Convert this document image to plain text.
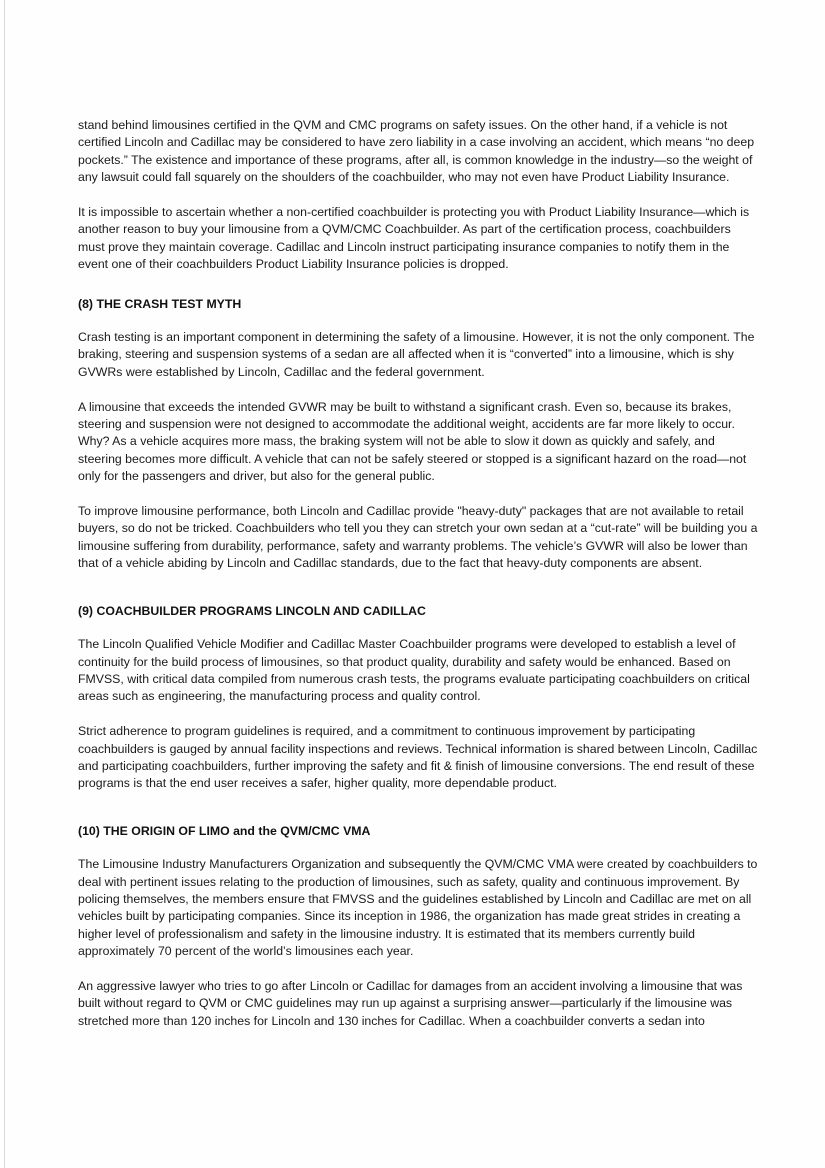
stand behind limousines certified in the QVM and CMC programs on safety issues. On the other hand, if a vehicle is not certified Lincoln and Cadillac may be considered to have zero liability in a case involving an accident, which means “no deep pockets.” The existence and importance of these programs, after all, is common knowledge in the industry—so the weight of any lawsuit could fall squarely on the shoulders of the coachbuilder, who may not even have Product Liability Insurance.

It is impossible to ascertain whether a non-certified coachbuilder is protecting you with Product Liability Insurance—which is another reason to buy your limousine from a QVM/CMC Coachbuilder. As part of the certification process, coachbuilders must prove they maintain coverage. Cadillac and Lincoln instruct participating insurance companies to notify them in the event one of their coachbuilders Product Liability Insurance policies is dropped.

(8) THE CRASH TEST MYTH

Crash testing is an important component in determining the safety of a limousine. However, it is not the only component. The braking, steering and suspension systems of a sedan are all affected when it is “converted” into a limousine, which is shy GVWRs were established by Lincoln, Cadillac and the federal government.

A limousine that exceeds the intended GVWR may be built to withstand a significant crash. Even so, because its brakes, steering and suspension were not designed to accommodate the additional weight, accidents are far more likely to occur. Why? As a vehicle acquires more mass, the braking system will not be able to slow it down as quickly and safely, and steering becomes more difficult. A vehicle that can not be safely steered or stopped is a significant hazard on the road—not only for the passengers and driver, but also for the general public.

To improve limousine performance, both Lincoln and Cadillac provide "heavy-duty" packages that are not available to retail buyers, so do not be tricked. Coachbuilders who tell you they can stretch your own sedan at a “cut-rate” will be building you a limousine suffering from durability, performance, safety and warranty problems. The vehicle’s GVWR will also be lower than that of a vehicle abiding by Lincoln and Cadillac standards, due to the fact that heavy-duty components are absent.

(9) COACHBUILDER PROGRAMS LINCOLN AND CADILLAC

The Lincoln Qualified Vehicle Modifier and Cadillac Master Coachbuilder programs were developed to establish a level of continuity for the build process of limousines, so that product quality, durability and safety would be enhanced. Based on FMVSS, with critical data compiled from numerous crash tests, the programs evaluate participating coachbuilders on critical areas such as engineering, the manufacturing process and quality control.

Strict adherence to program guidelines is required, and a commitment to continuous improvement by participating coachbuilders is gauged by annual facility inspections and reviews. Technical information is shared between Lincoln, Cadillac and participating coachbuilders, further improving the safety and fit & finish of limousine conversions. The end result of these programs is that the end user receives a safer, higher quality, more dependable product.

(10) THE ORIGIN OF LIMO and the QVM/CMC VMA

The Limousine Industry Manufacturers Organization and subsequently the QVM/CMC VMA were created by coachbuilders to deal with pertinent issues relating to the production of limousines, such as safety, quality and continuous improvement. By policing themselves, the members ensure that FMVSS and the guidelines established by Lincoln and Cadillac are met on all vehicles built by participating companies. Since its inception in 1986, the organization has made great strides in creating a higher level of professionalism and safety in the limousine industry. It is estimated that its members currently build approximately 70 percent of the world’s limousines each year.

An aggressive lawyer who tries to go after Lincoln or Cadillac for damages from an accident involving a limousine that was built without regard to QVM or CMC guidelines may run up against a surprising answer—particularly if the limousine was stretched more than 120 inches for Lincoln and 130 inches for Cadillac. When a coachbuilder converts a sedan into
